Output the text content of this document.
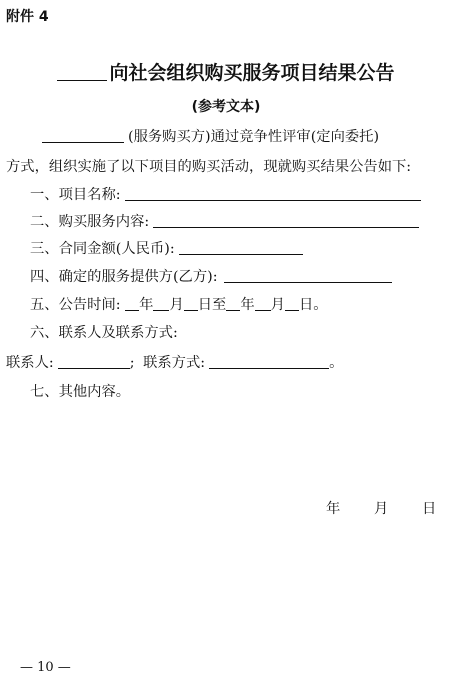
附件 4
向社会组织购买服务项目结果公告
(参考文本)
(服务购买方)通过竞争性评审(定向委托)
方式，组织实施了以下项目的购买活动，现就购买结果公告如下:
一、项目名称:
二、购买服务内容:
三、合同金额(人民币):
四、确定的服务提供方(乙方):
五、公告时间: 年 月 日至 年 月 日。
六、联系人及联系方式:
联系人:	; 联系方式:	。
七、其他内容。
年 月 日
— 10 —
